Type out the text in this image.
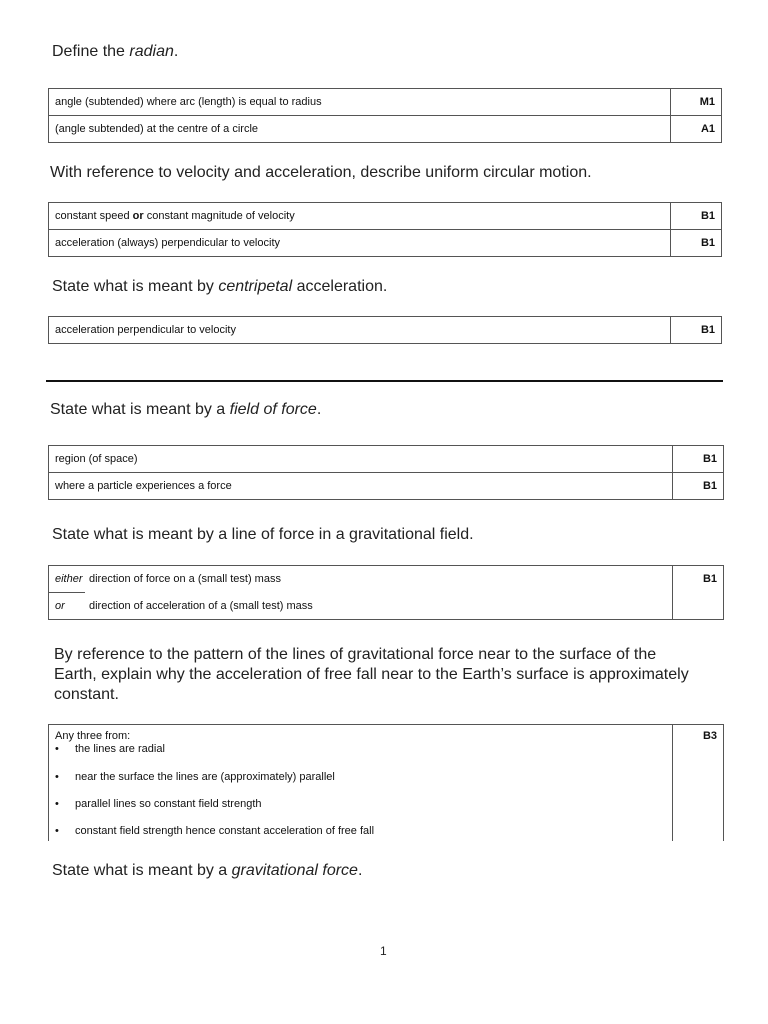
Define the radian.

angle (subtended) where arc (length) is equal to radius	M1
(angle subtended) at the centre of a circle	A1

With reference to velocity and acceleration, describe uniform circular motion.

constant speed or constant magnitude of velocity	B1
acceleration (always) perpendicular to velocity	B1

State what is meant by centripetal acceleration.

acceleration perpendicular to velocity	B1

State what is meant by a field of force.

region (of space)	B1
where a particle experiences a force	B1

State what is meant by a line of force in a gravitational field.

either	direction of force on a (small test) mass	B1
or	direction of acceleration of a (small test) mass	

By reference to the pattern of the lines of gravitational force near to the surface of the
Earth, explain why the acceleration of free fall near to the Earth’s surface is approximately
constant.

Any three from:
•	the lines are radial
•	near the surface the lines are (approximately) parallel
•	parallel lines so constant field strength
•	constant field strength hence constant acceleration of free fall
	B3

State what is meant by a gravitational force.

1
